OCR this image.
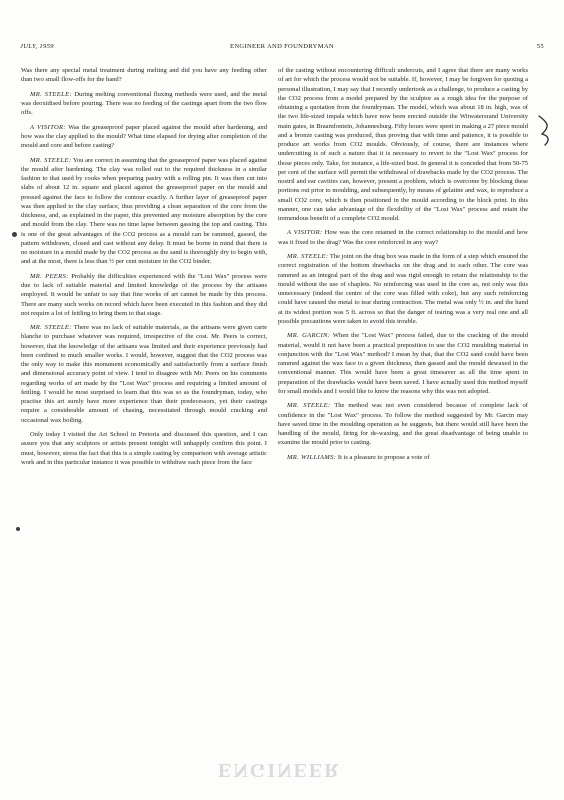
JULY, 1959	ENGINEER AND FOUNDRYMAN	55

Was there any special metal treatment during melting and did you have any feeding other than two small flow-offs for the hand?

MR. STEELE: During melting conventional fluxing methods were used, and the metal was deoxidised before pouring. There was no feeding of the castings apart from the two flow offs.

A VISITOR: Was the greaseproof paper placed against the mould after hardening, and how was the clay applied to the mould? What time elapsed for drying after completion of the mould and core and before casting?

MR. STEELE: You are correct in assuming that the greaseproof paper was placed against the mould after hardening. The clay was rolled out to the required thickness in a similar fashion to that used by cooks when preparing pastry with a rolling pin. It was then cut into slabs of about 12 in. square and placed against the greaseproof paper on the mould and pressed against the face to follow the contour exactly. A further layer of greaseproof paper was then applied to the clay surface, thus providing a clean separation of the core from the thickness, and, as explained in the paper, this prevented any moisture absorption by the core and mould from the clay. There was no time lapse between gassing the top and casting. This is one of the great advantages of the CO2 process as a mould can be rammed, gassed, the pattern withdrawn, closed and cast without any delay. It must be borne in mind that there is no moisture in a mould made by the CO2 process as the sand is thoroughly dry to begin with, and at the most, there is less than ½ per cent moisture in the CO2 binder.

MR. PEERS: Probably the difficulties experienced with the "Lost Wax" process were due to lack of suitable material and limited knowledge of the process by the artisans employed. It would be unfair to say that fine works of art cannot be made by this process. There are many such works on record which have been executed in this fashion and they did not require a lot of fettling to bring them to that stage.

MR. STEELE: There was no lack of suitable materials, as the artisans were given carte blanche to purchase whatever was required, irrespective of the cost. Mr. Peers is correct, however, that the knowledge of the artisans was limited and their experience previously had been confined to much smaller works. I would, however, suggest that the CO2 process was the only way to make this monument economically and satisfactorily from a surface finish and dimensional accuracy point of view. I tend to disagree with Mr. Peers on his comments regarding works of art made by the "Lost Wax" process and requiring a limited amount of fettling. I would be most surprised to learn that this was so as the foundryman, today, who practise this art surely have more experience than their predecessors, yet their castings require a considerable amount of chasing, necessitated through mould cracking and occasional wax boiling.

Only today I visited the Art School in Pretoria and discussed this question, and I can assure you that any sculptors or artists present tonight will unhappily confirm this point. I must, however, stress the fact that this is a simple casting by comparison with average artistic work and in this particular instance it was possible to withdraw each piece from the face

of the casting without encountering difficult undercuts, and I agree that there are many works of art for which the process would not be suitable. If, however, I may be forgiven for quoting a personal illustration, I may say that I recently undertook as a challenge, to produce a casting by the CO2 process from a model prepared by the sculptor as a rough idea for the purpose of obtaining a quotation from the foundryman. The model, which was about 18 in. high, was of the two life-sized impala which have now been erected outside the Witwatersrand University main gates, in Braamfontein, Johannesburg. Fifty hours were spent in making a 27 piece mould and a bronze casting was produced, thus proving that with time and patience, it is possible to produce art works from CO2 moulds. Obviously, of course, there are instances where undercutting is of such a nature that it is necessary to revert to the "Lost Wax" process for those pieces only. Take, for instance, a life-sized bust. In general it is conceded that from 50-75 per cent of the surface will permit the withdrawal of drawbacks made by the CO2 process. The nostril and ear cavities can, however, present a problem, which is overcome by blocking these portions out prior to moulding, and subsequently, by means of gelatine and wax, to reproduce a small CO2 core, which is then positioned in the mould according to the block print. In this manner, one can take advantage of the flexibility of the "Lost Wax" process and retain the tremendous benefit of a complete CO2 mould.

A VISITOR: How was the core retained in the correct relationship to the mould and how was it fixed to the drag? Was the core reinforced in any way?

MR. STEELE: The joint on the drag box was made in the form of a step which ensured the correct registration of the bottom drawbacks on the drag and to each other. The core was rammed as an integral part of the drag and was rigid enough to retain the relationship to the mould without the use of chaplets. No reinforcing was used in the core as, not only was this unnecessary (indeed the centre of the core was filled with coke), but any such reinforcing could have caused the metal to tear during contraction. The metal was only ½ in. and the hand at its widest portion was 5 ft. across so that the danger of tearing was a very real one and all possible precautions were taken to avoid this trouble.

MR. GARCIN: When the "Lost Wax" process failed, due to the cracking of the mould material, would it not have been a practical preposition to use the CO2 moulding material in conjunction with the "Lost Wax" method? I mean by that, that the CO2 sand could have been rammed against the wax face to a given thickness, then gassed and the mould dewaxed in the conventional manner. This would have been a great timesaver as all the time spent in preparation of the drawbacks would have been saved. I have actually used this method myself for small models and I would like to know the reasons why this was not adopted.

MR. STEELE: The method was not even considered because of complete lack of confidence in the "Lost Wax" process. To follow the method suggested by Mr. Garcin may have saved time in the moulding operation as he suggests, but there would still have been the handling of the mould, firing for de-waxing, and the great disadvantage of being unable to examine the mould prior to casting.

MR. WILLIAMS: It is a pleasure to propose a vote of

ENGINEER
